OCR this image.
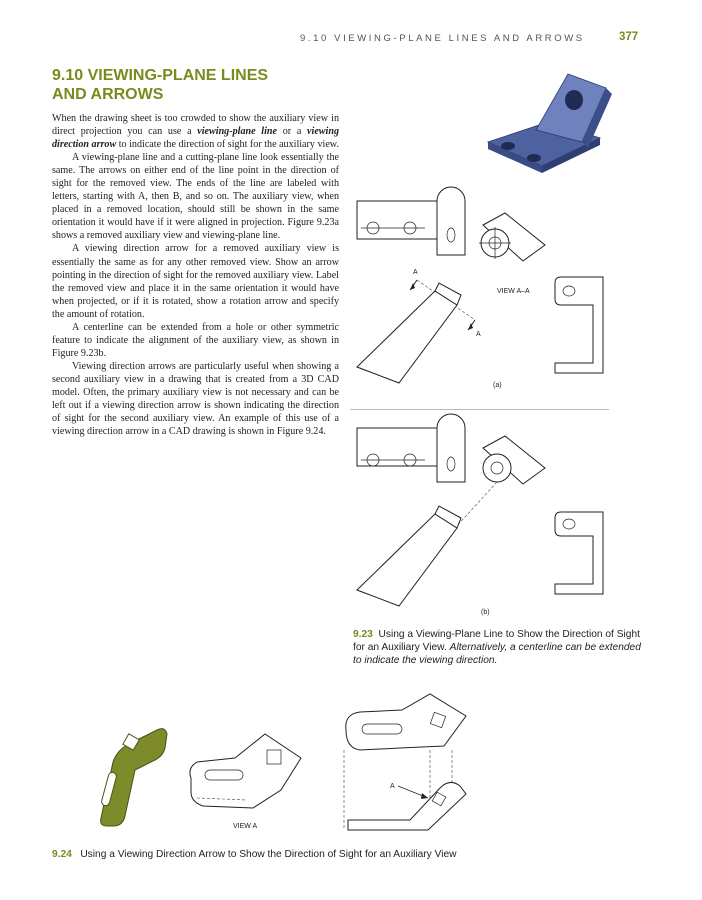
9.10 VIEWING-PLANE LINES AND ARROWS	377
9.10 VIEWING-PLANE LINES
AND ARROWS

When the drawing sheet is too crowded to show the auxiliary view in direct projection you can use a viewing-plane line or a viewing direction arrow to indicate the direction of sight for the auxiliary view.

A viewing-plane line and a cutting-plane line look essentially the same. The arrows on either end of the line point in the direction of sight for the removed view. The ends of the line are labeled with letters, starting with A, then B, and so on. The auxiliary view, when placed in a removed location, should still be shown in the same orientation it would have if it were aligned in projection. Figure 9.23a shows a removed auxiliary view and viewing-plane line.

A viewing direction arrow for a removed auxiliary view is essentially the same as for any other removed view. Show an arrow pointing in the direction of sight for the removed auxiliary view. Label the removed view and place it in the same orientation it would have when projected, or if it is rotated, show a rotation arrow and specify the amount of rotation.

A centerline can be extended from a hole or other symmetric feature to indicate the alignment of the auxiliary view, as shown in Figure 9.23b.

Viewing direction arrows are particularly useful when showing a second auxiliary view in a drawing that is created from a 3D CAD model. Often, the primary auxiliary view is not necessary and can be left out if a viewing direction arrow is shown indicating the direction of sight for the second auxiliary view. An example of this use of a viewing direction arrow in a CAD drawing is shown in Figure 9.24.

A
A
VIEW A–A
(a)
(b)
9.23 Using a Viewing-Plane Line to Show the Direction of Sight for an Auxiliary View. Alternatively, a centerline can be extended to indicate the viewing direction.
VIEW A
A
9.24 Using a Viewing Direction Arrow to Show the Direction of Sight for an Auxiliary View
